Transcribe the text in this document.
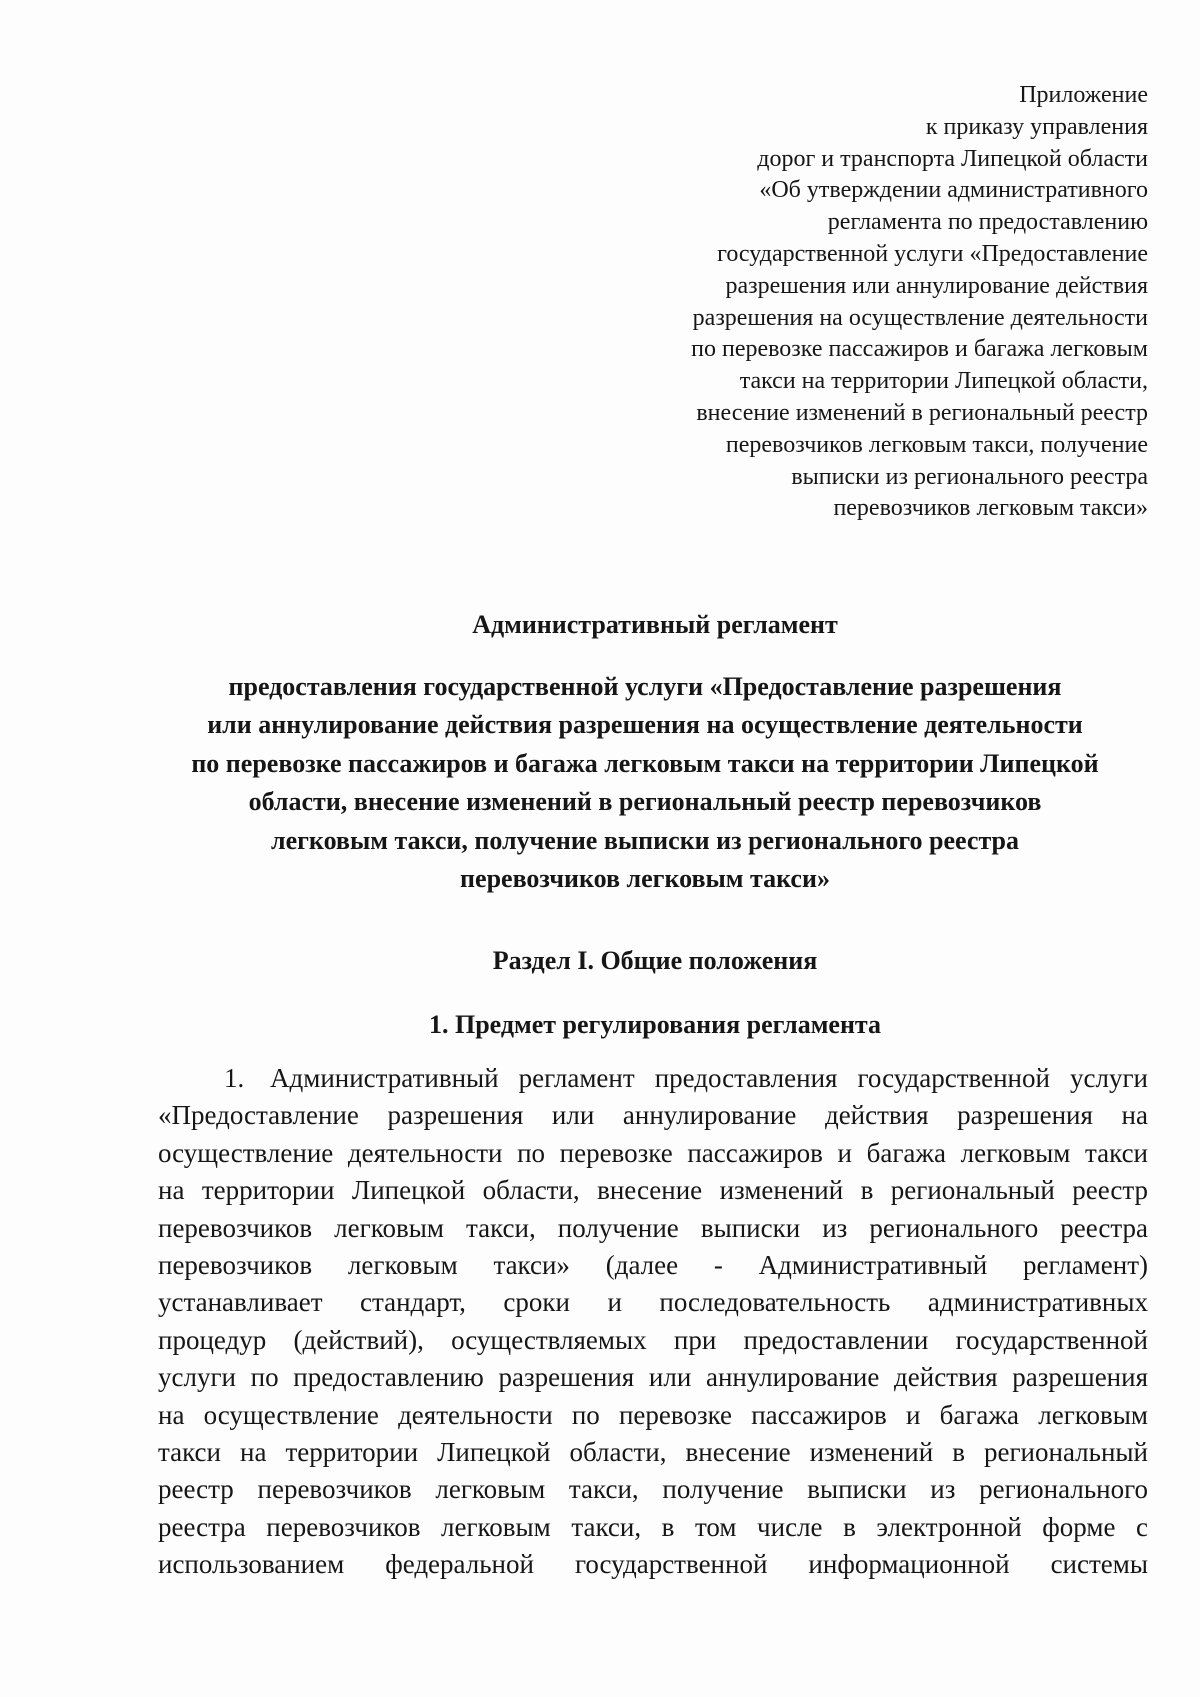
Приложение
к приказу управления
дорог и транспорта Липецкой области
«Об утверждении административного
регламента по предоставлению
государственной услуги «Предоставление
разрешения или аннулирование действия
разрешения на осуществление деятельности
по перевозке пассажиров и багажа легковым
такси на территории Липецкой области,
внесение изменений в региональный реестр
перевозчиков легковым такси, получение
выписки из регионального реестра
перевозчиков легковым такси»
Административный регламент
предоставления государственной услуги «Предоставление разрешения
или аннулирование действия разрешения на осуществление деятельности
по перевозке пассажиров и багажа легковым такси на территории Липецкой
области, внесение изменений в региональный реестр перевозчиков
легковым такси, получение выписки из регионального реестра
перевозчиков легковым такси»
Раздел I. Общие положения
1. Предмет регулирования регламента
1. Административный регламент предоставления государственной услуги
«Предоставление разрешения или аннулирование действия разрешения на
осуществление деятельности по перевозке пассажиров и багажа легковым такси
на территории Липецкой области, внесение изменений в региональный реестр
перевозчиков легковым такси, получение выписки из регионального реестра
перевозчиков легковым такси» (далее - Административный регламент)
устанавливает стандарт, сроки и последовательность административных
процедур (действий), осуществляемых при предоставлении государственной
услуги по предоставлению разрешения или аннулирование действия разрешения
на осуществление деятельности по перевозке пассажиров и багажа легковым
такси на территории Липецкой области, внесение изменений в региональный
реестр перевозчиков легковым такси, получение выписки из регионального
реестра перевозчиков легковым такси, в том числе в электронной форме с
использованием федеральной государственной информационной системы
